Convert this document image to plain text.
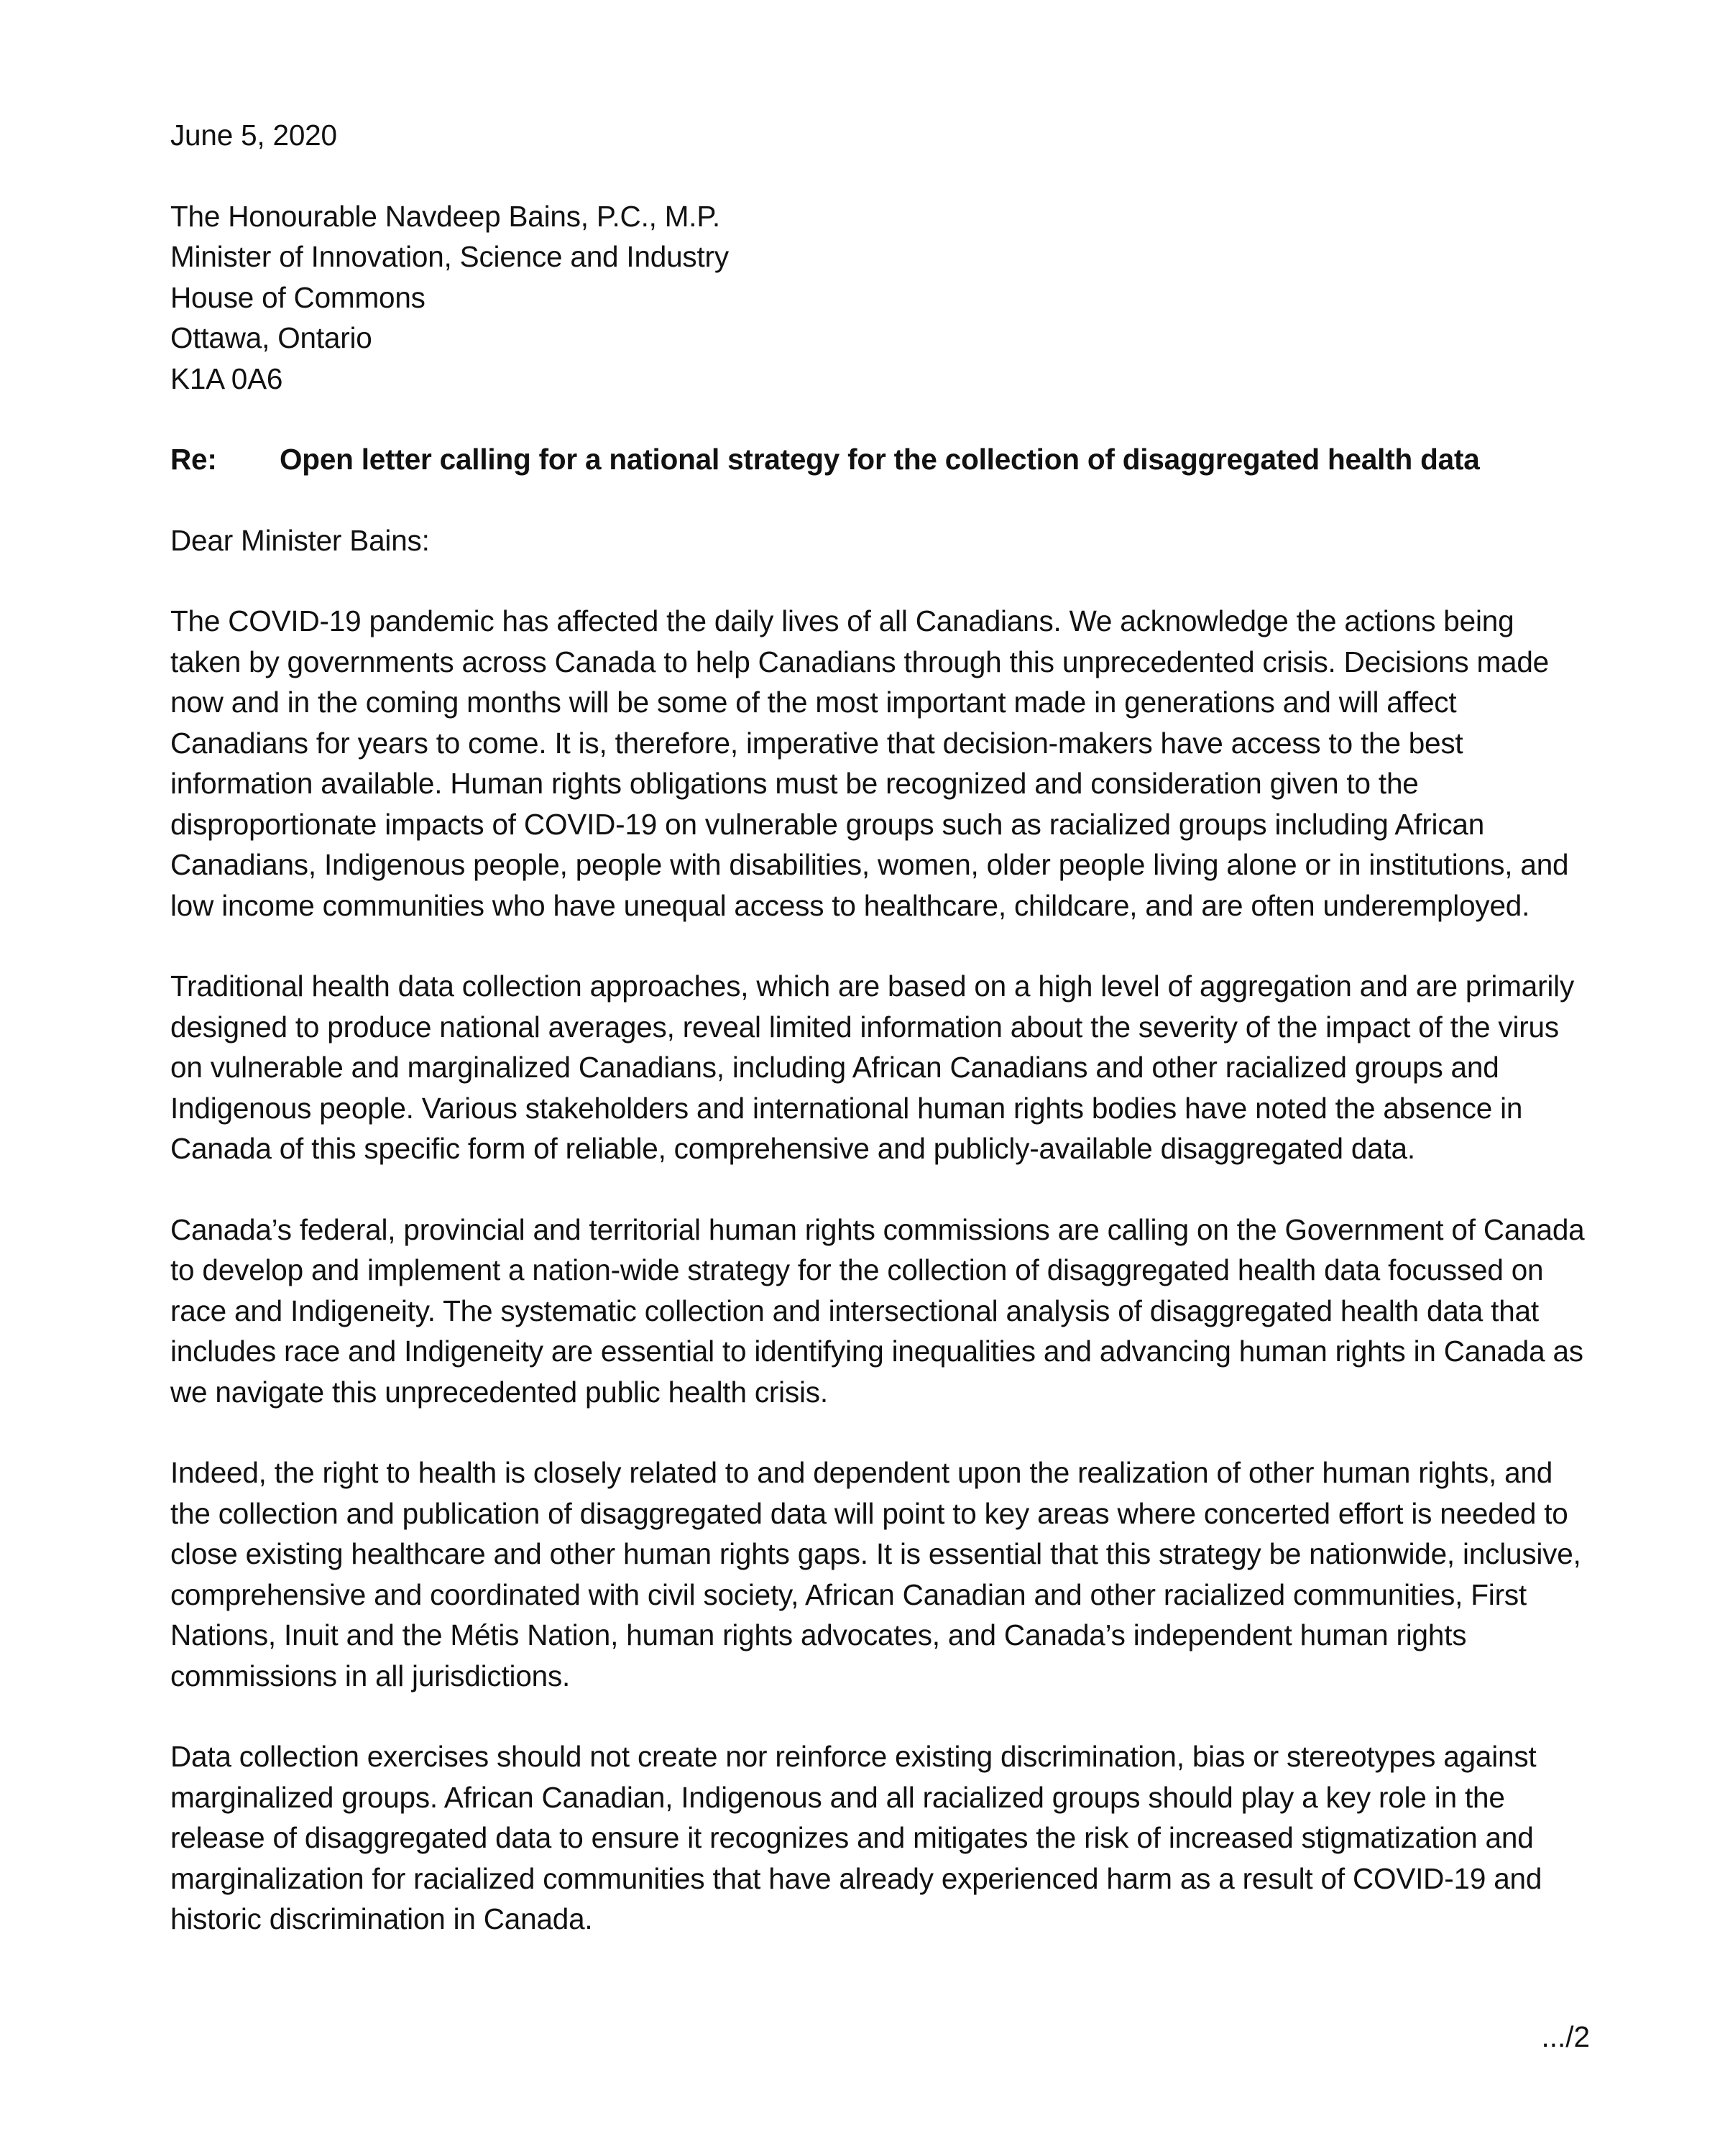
June 5, 2020

The Honourable Navdeep Bains, P.C., M.P.
Minister of Innovation, Science and Industry
House of Commons
Ottawa, Ontario
K1A 0A6
Re:	Open letter calling for a national strategy for the collection of disaggregated health data

Dear Minister Bains:

The COVID-19 pandemic has affected the daily lives of all Canadians. We acknowledge the actions being taken by governments across Canada to help Canadians through this unprecedented crisis. Decisions made now and in the coming months will be some of the most important made in generations and will affect Canadians for years to come. It is, therefore, imperative that decision-makers have access to the best information available. Human rights obligations must be recognized and consideration given to the disproportionate impacts of COVID-19 on vulnerable groups such as racialized groups including African Canadians, Indigenous people, people with disabilities, women, older people living alone or in institutions, and low income communities who have unequal access to healthcare, childcare, and are often underemployed.

Traditional health data collection approaches, which are based on a high level of aggregation and are primarily designed to produce national averages, reveal limited information about the severity of the impact of the virus on vulnerable and marginalized Canadians, including African Canadians and other racialized groups and Indigenous people. Various stakeholders and international human rights bodies have noted the absence in Canada of this specific form of reliable, comprehensive and publicly-available disaggregated data.

Canada’s federal, provincial and territorial human rights commissions are calling on the Government of Canada to develop and implement a nation-wide strategy for the collection of disaggregated health data focussed on race and Indigeneity. The systematic collection and intersectional analysis of disaggregated health data that includes race and Indigeneity are essential to identifying inequalities and advancing human rights in Canada as we navigate this unprecedented public health crisis.

Indeed, the right to health is closely related to and dependent upon the realization of other human rights, and the collection and publication of disaggregated data will point to key areas where concerted effort is needed to close existing healthcare and other human rights gaps. It is essential that this strategy be nationwide, inclusive, comprehensive and coordinated with civil society, African Canadian and other racialized communities, First Nations, Inuit and the Métis Nation, human rights advocates, and Canada’s independent human rights commissions in all jurisdictions.

Data collection exercises should not create nor reinforce existing discrimination, bias or stereotypes against marginalized groups. African Canadian, Indigenous and all racialized groups should play a key role in the release of disaggregated data to ensure it recognizes and mitigates the risk of increased stigmatization and marginalization for racialized communities that have already experienced harm as a result of COVID-19 and historic discrimination in Canada.

.../2
